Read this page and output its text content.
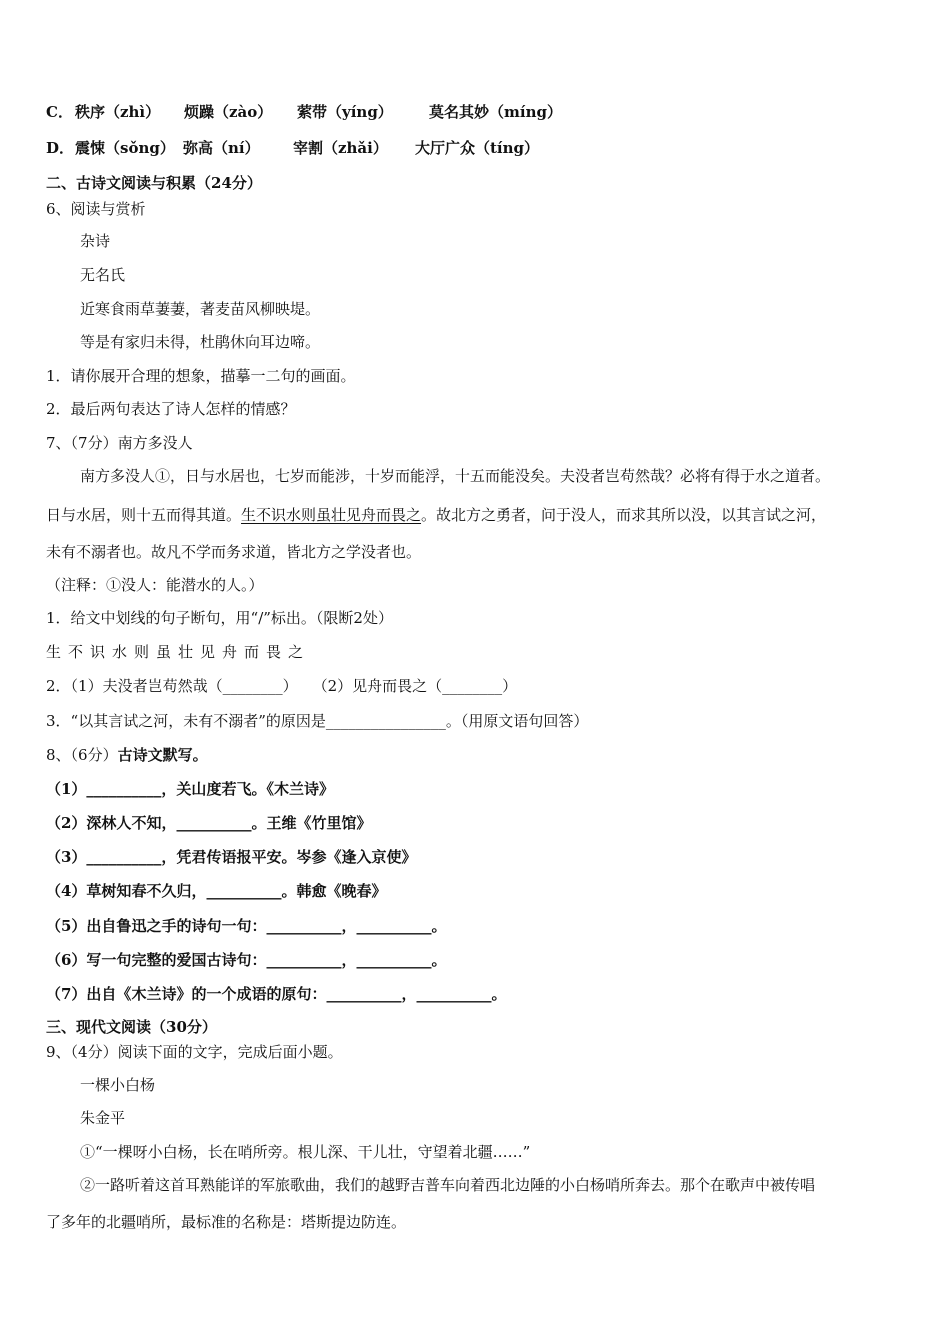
C． 秩序（zhì） 烦躁（zào） 萦带（yíng） 莫名其妙（míng）
D． 震悚（sǒng） 弥高（ní） 宰割（zhǎi） 大厅广众（tíng）
二、古诗文阅读与积累（24分）
6、阅读与赏析
杂诗
无名氏
近寒食雨草萋萋，著麦苗风柳映堤。
等是有家归未得，杜鹃休向耳边啼。
1．请你展开合理的想象，描摹一二句的画面。
2．最后两句表达了诗人怎样的情感？
7、（7分）南方多没人
南方多没人①，日与水居也，七岁而能涉，十岁而能浮，十五而能没矣。夫没者岂苟然哉？必将有得于水之道者。
日与水居，则十五而得其道。生不识水则虽壮见舟而畏之。故北方之勇者，问于没人，而求其所以没，以其言试之河，
未有不溺者也。故凡不学而务求道，皆北方之学没者也。
（注释：①没人：能潜水的人。）
1．给文中划线的句子断句，用“/”标出。（限断2处）
生不识水则虽壮见舟而畏之
2．（1）夫没者岂苟然哉（________）　　（2）见舟而畏之（________）
3．“以其言试之河，未有不溺者”的原因是________________。（用原文语句回答）
8、（6分）古诗文默写。
（1）__________，关山度若飞。《木兰诗》
（2）深林人不知，__________。王维《竹里馆》
（3）__________，凭君传语报平安。岑参《逢入京使》
（4）草树知春不久归，__________。韩愈《晚春》
（5）出自鲁迅之手的诗句一句：__________，__________。
（6）写一句完整的爱国古诗句：__________，__________。
（7）出自《木兰诗》的一个成语的原句：__________，__________。
三、现代文阅读（30分）
9、（4分）阅读下面的文字，完成后面小题。
一棵小白杨
朱金平
①“一棵呀小白杨，长在哨所旁。根儿深、干儿壮，守望着北疆……”
②一路听着这首耳熟能详的军旅歌曲，我们的越野吉普车向着西北边陲的小白杨哨所奔去。那个在歌声中被传唱
了多年的北疆哨所，最标准的名称是：塔斯提边防连。
